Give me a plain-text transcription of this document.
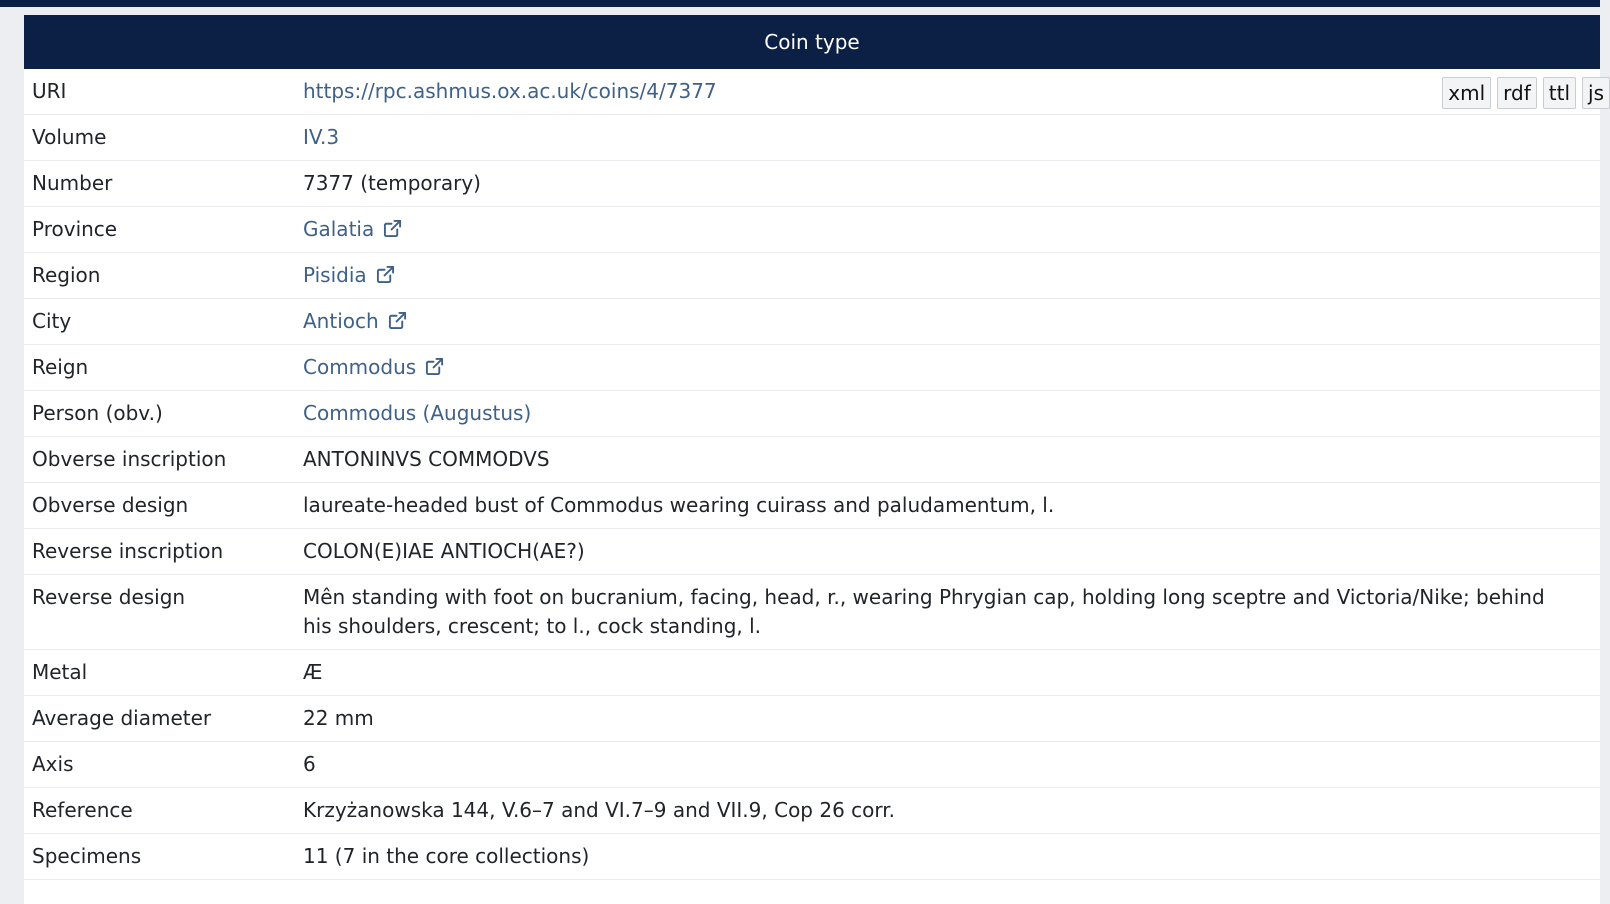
Coin type
URI	https://rpc.ashmus.ox.ac.uk/coins/4/7377 xml rdf ttl js

Volume	IV.3
Number	7377 (temporary)
Province	Galatia
Region	Pisidia
City	Antioch
Reign	Commodus
Person (obv.)	Commodus (Augustus)
Obverse inscription	ANTONINVS COMMODVS
Obverse design	laureate-headed bust of Commodus wearing cuirass and paludamentum, l.
Reverse inscription	COLON(E)IAE ANTIOCH(AE?)
Reverse design	Mên standing with foot on bucranium, facing, head, r., wearing Phrygian cap, holding long sceptre and Victoria/Nike; behind his shoulders, crescent; to l., cock standing, l.
Metal	Æ
Average diameter	22 mm
Axis	6
Reference	Krzyżanowska 144, V.6–7 and VI.7–9 and VII.9, Cop 26 corr.
Specimens	11 (7 in the core collections)
